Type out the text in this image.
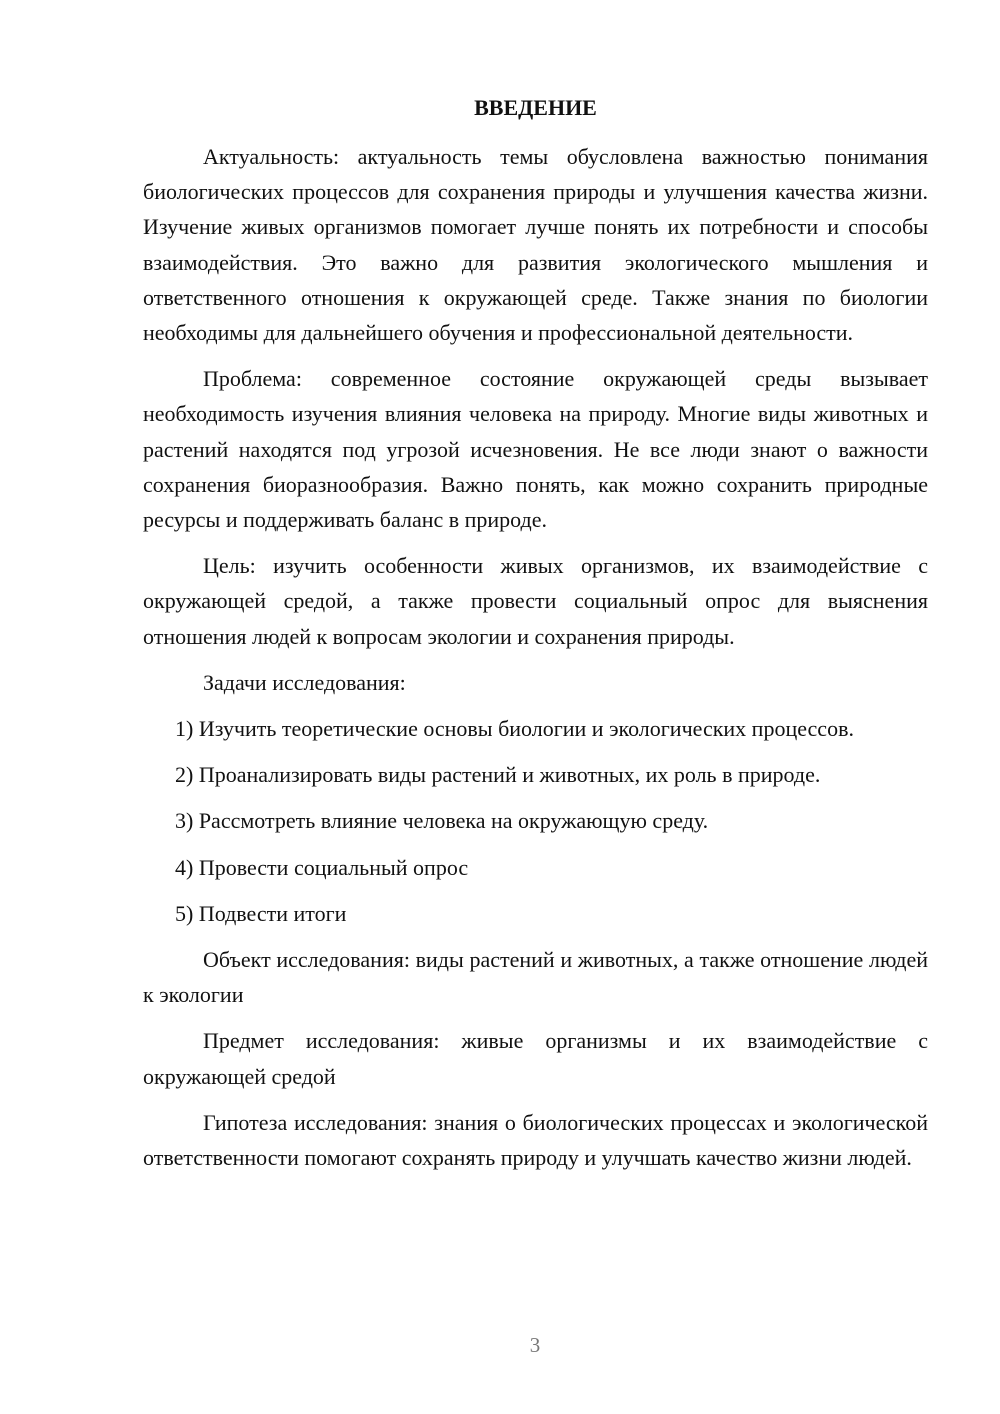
ВВЕДЕНИЕ

Актуальность: актуальность темы обусловлена важностью понимания биологических процессов для сохранения природы и улучшения качества жизни. Изучение живых организмов помогает лучше понять их потребности и способы взаимодействия. Это важно для развития экологического мышления и ответственного отношения к окружающей среде. Также знания по биологии необходимы для дальнейшего обучения и профессиональной деятельности.

Проблема: современное состояние окружающей среды вызывает необходимость изучения влияния человека на природу. Многие виды животных и растений находятся под угрозой исчезновения. Не все люди знают о важности сохранения биоразнообразия. Важно понять, как можно сохранить природные ресурсы и поддерживать баланс в природе.

Цель: изучить особенности живых организмов, их взаимодействие с окружающей средой, а также провести социальный опрос для выяснения отношения людей к вопросам экологии и сохранения природы.

Задачи исследования:

1) Изучить теоретические основы биологии и экологических процессов.

2) Проанализировать виды растений и животных, их роль в природе.

3) Рассмотреть влияние человека на окружающую среду.

4) Провести социальный опрос

5) Подвести итоги

Объект исследования: виды растений и животных, а также отношение людей к экологии

Предмет исследования: живые организмы и их взаимодействие с окружающей средой

Гипотеза исследования: знания о биологических процессах и экологической ответственности помогают сохранять природу и улучшать качество жизни людей.

3
